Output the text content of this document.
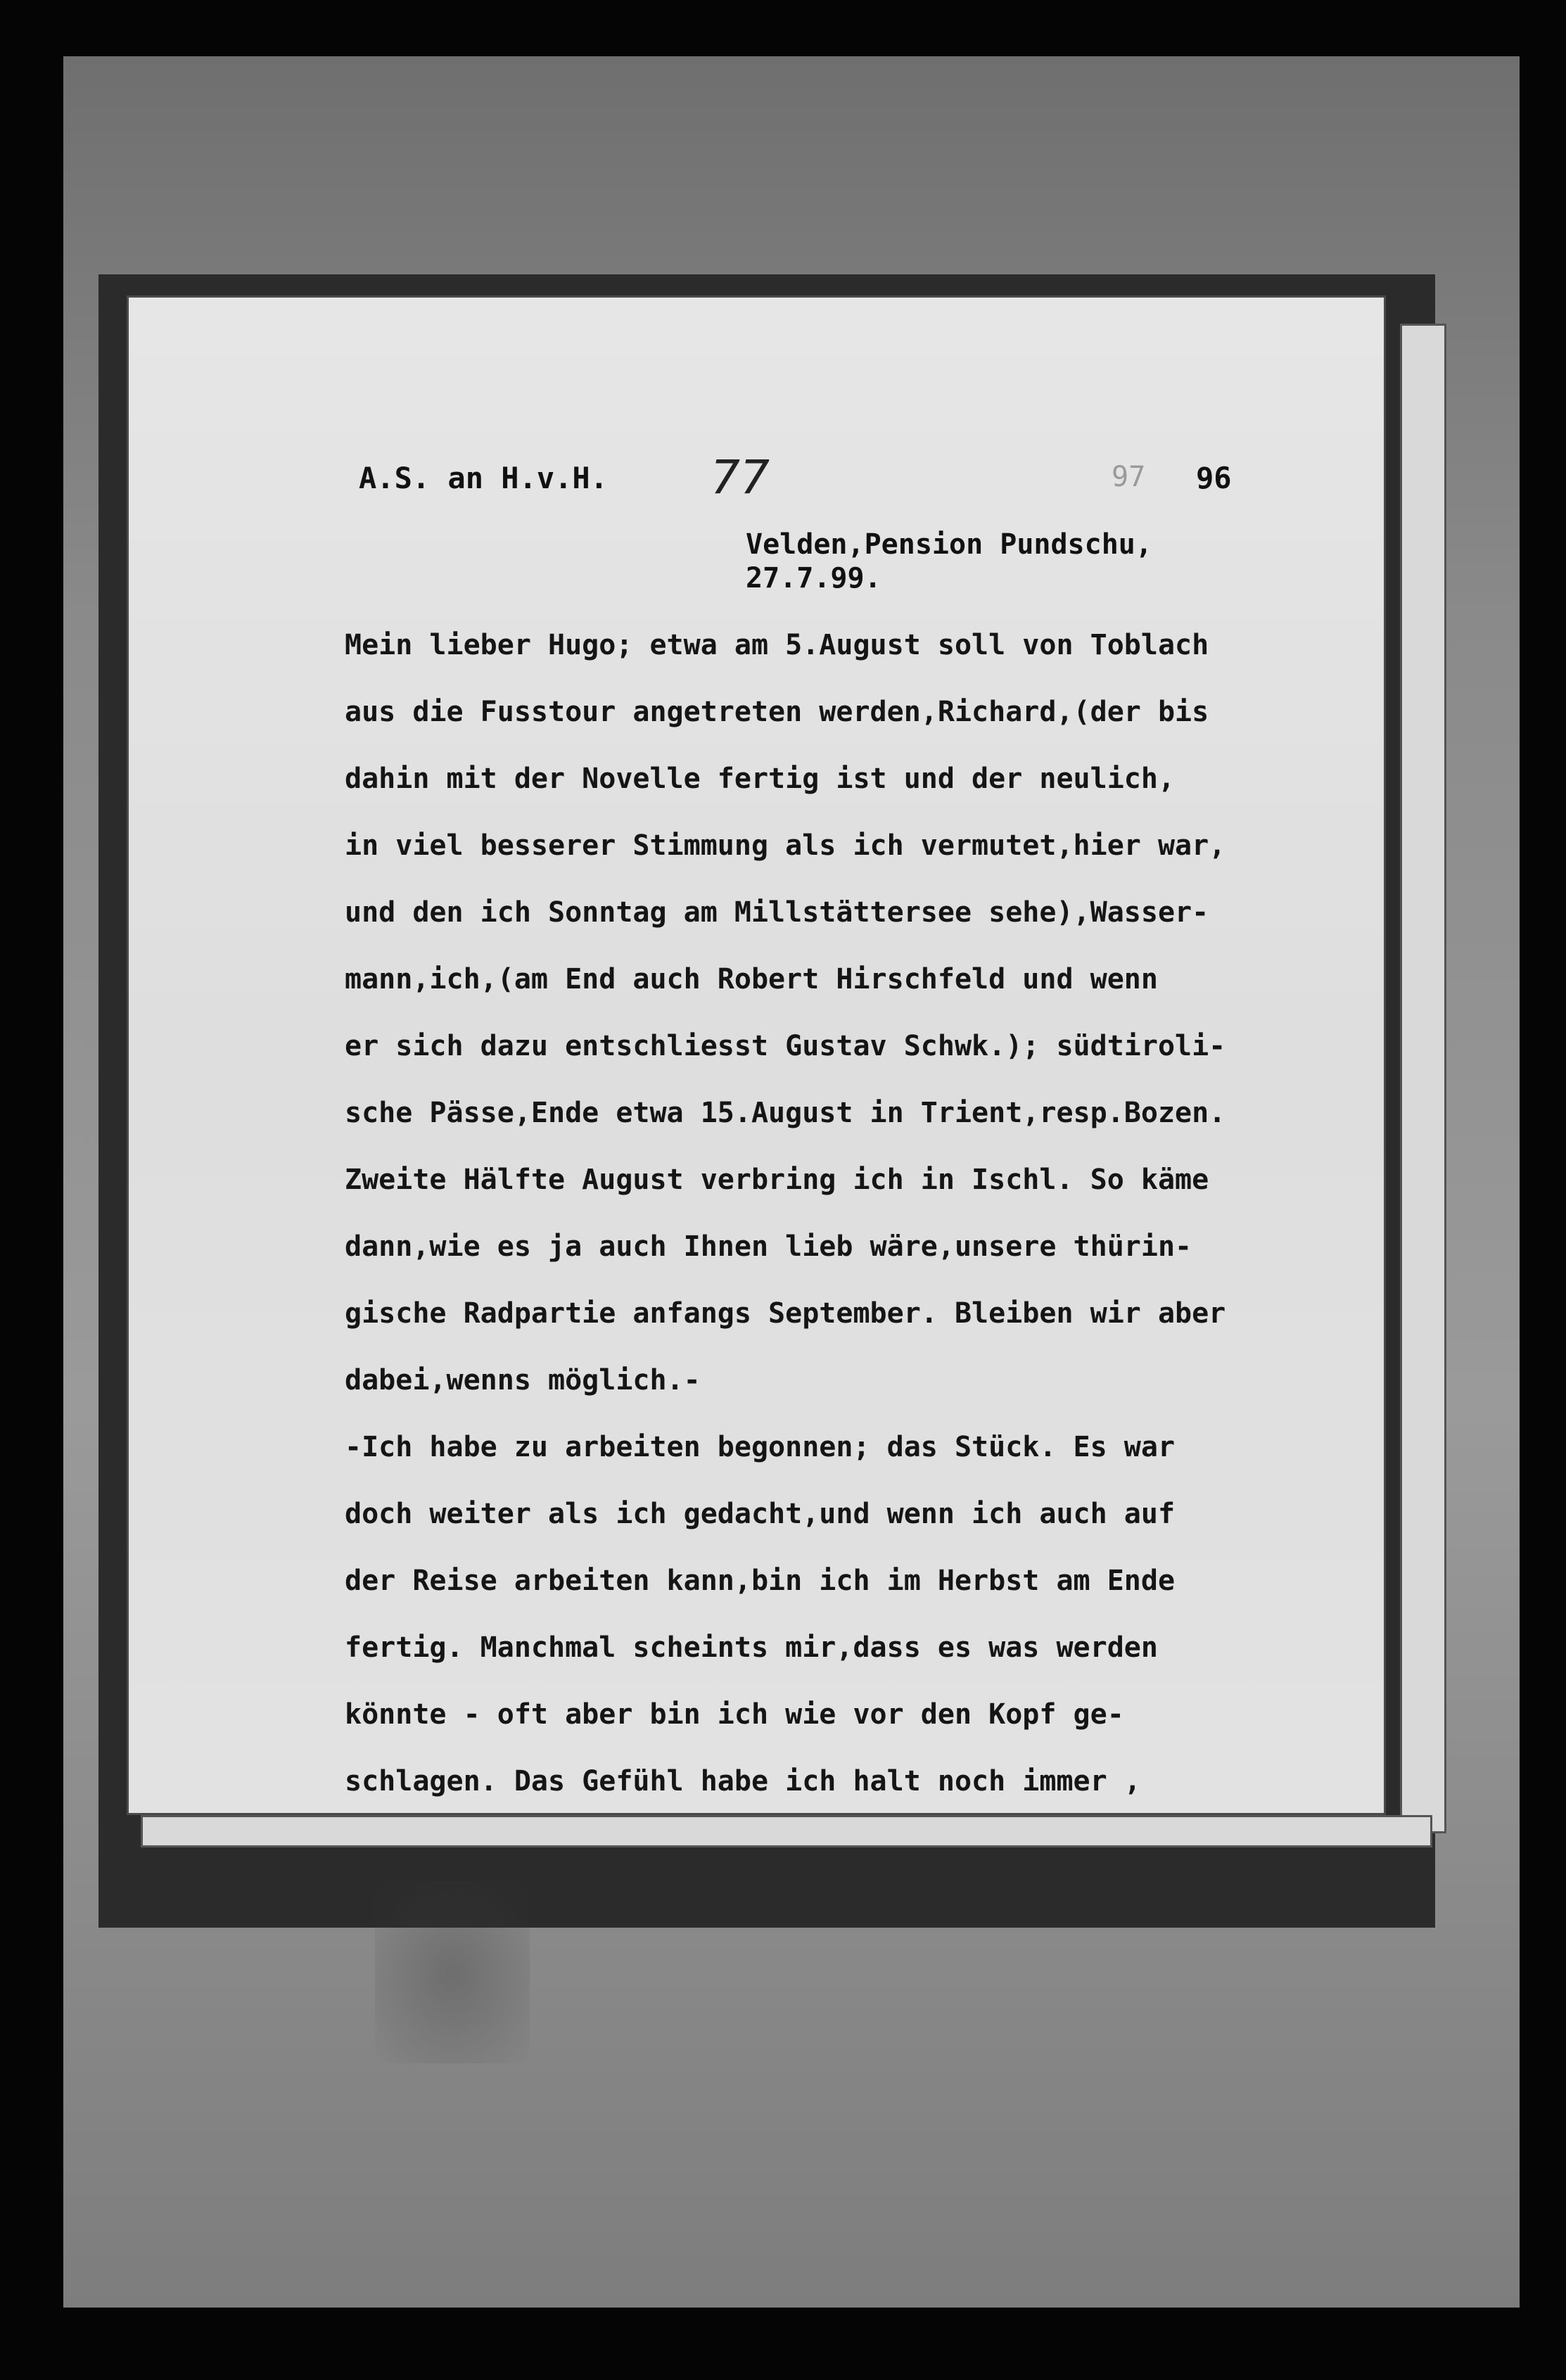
A.S. an H.v.H. 77	97 96
Velden,Pension Pundschu,
27.7.99.
Mein lieber Hugo; etwa am 5.August soll von Toblach
aus die Fusstour angetreten werden,Richard,(der bis
dahin mit der Novelle fertig ist und der neulich,
in viel besserer Stimmung als ich vermutet,hier war,
und den ich Sonntag am Millstättersee sehe),Wasser-
mann,ich,(am End auch Robert Hirschfeld und wenn
er sich dazu entschliesst Gustav Schwk.); südtiroli-
sche Pässe,Ende etwa 15.August in Trient,resp.Bozen.
Zweite Hälfte August verbring ich in Ischl. So käme
dann,wie es ja auch Ihnen lieb wäre,unsere thürin-
gische Radpartie anfangs September. Bleiben wir aber
dabei,wenns möglich.-
-Ich habe zu arbeiten begonnen; das Stück. Es war
doch weiter als ich gedacht,und wenn ich auch auf
der Reise arbeiten kann,bin ich im Herbst am Ende
fertig. Manchmal scheints mir,dass es was werden
könnte - oft aber bin ich wie vor den Kopf ge-
schlagen. Das Gefühl habe ich halt noch immer ,
